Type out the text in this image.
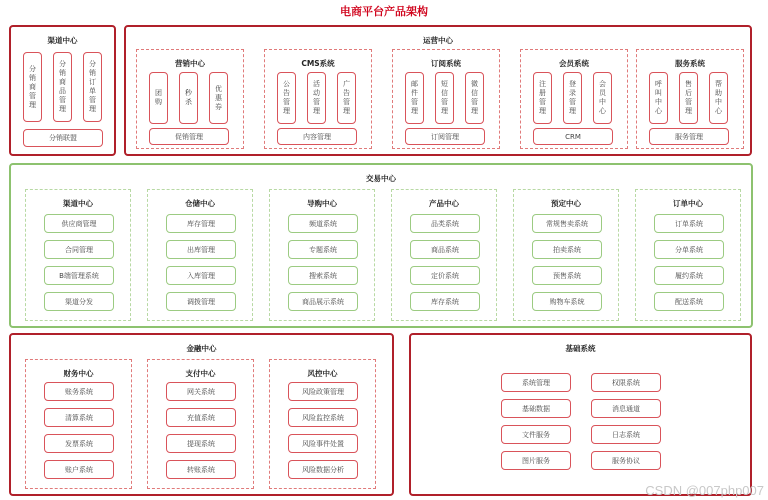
电商平台产品架构
渠道中心
分销商管理	分销商品管理	分销订单管理
分销联盟
运营中心
营销中心
团购	秒杀	优惠券
促销管理
CMS系统
公告管理	活动管理	广告管理
内容管理
订阅系统
邮件管理	短信管理	微信管理
订阅管理
会员系统
注册管理	登录管理	会员中心
CRM
服务系统
呼叫中心	售后管理	帮助中心
服务管理
交易中心
渠道中心
供应商管理
合同管理
B端管理系统
渠道分发
仓储中心
库存管理
出库管理
入库管理
调拨管理
导购中心
频道系统
专题系统
搜索系统
商品展示系统
产品中心
品类系统
商品系统
定价系统
库存系统
预定中心
常规售卖系统
拍卖系统
预售系统
购物车系统
订单中心
订单系统
分单系统
履约系统
配送系统
金融中心
财务中心
账务系统
清算系统
发票系统
账户系统
支付中心
网关系统
充值系统
提现系统
转账系统
风控中心
风险政策管理
风险监控系统
风险事件处置
风险数据分析
基础系统
系统管理
基础数据
文件服务
图片服务
权限系统
消息通道
日志系统
服务协议
CSDN @007php007
